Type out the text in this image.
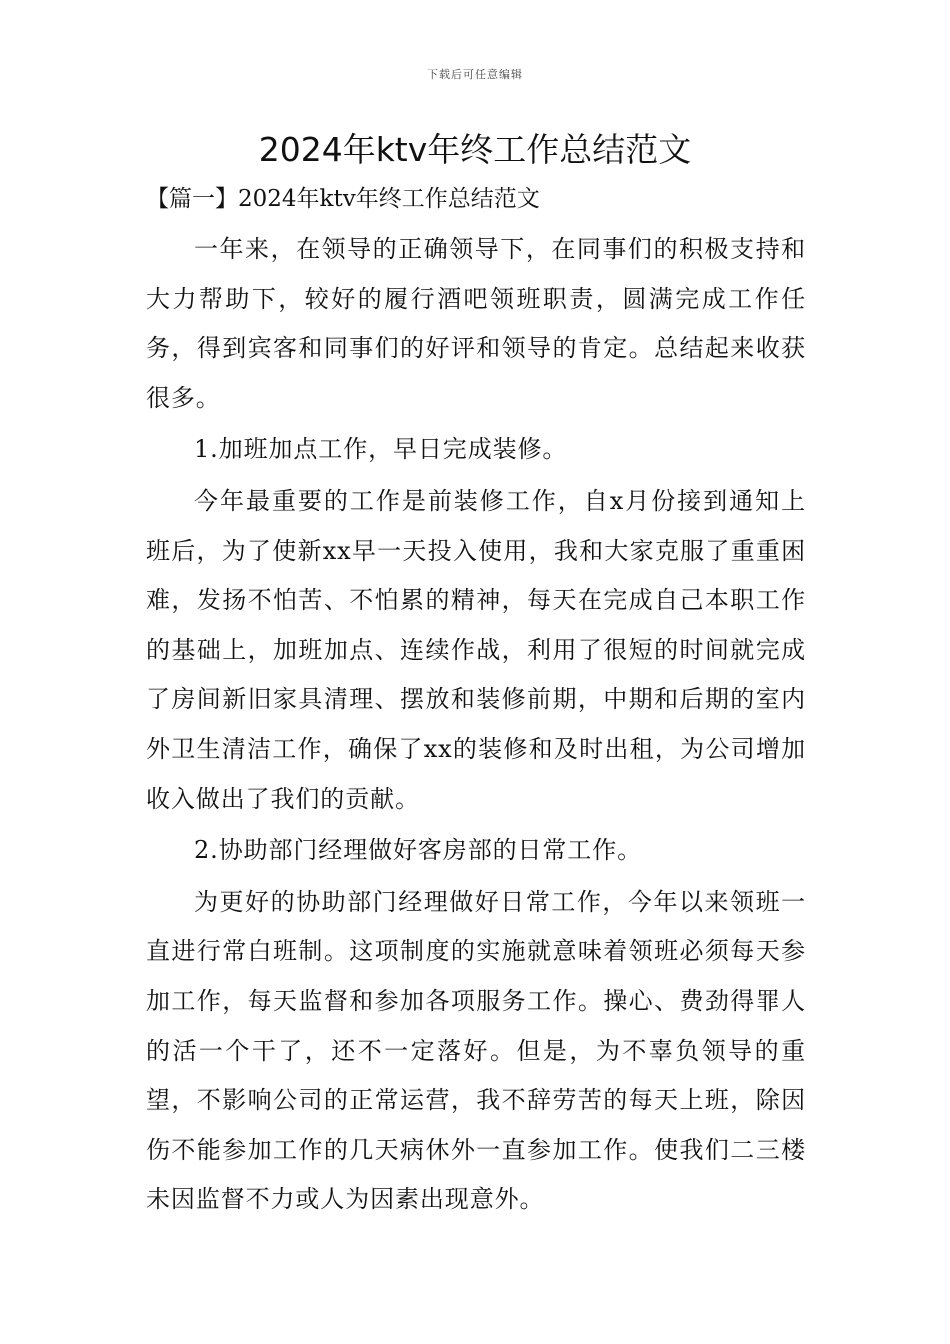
下载后可任意编辑
2024年ktv年终工作总结范文
【篇一】2024年ktv年终工作总结范文

一年来，在领导的正确领导下，在同事们的积极支持和大力帮助下，较好的履行酒吧领班职责，圆满完成工作任务，得到宾客和同事们的好评和领导的肯定。总结起来收获很多。

1.加班加点工作，早日完成装修。

今年最重要的工作是前装修工作，自x月份接到通知上班后，为了使新xx早一天投入使用，我和大家克服了重重困难，发扬不怕苦、不怕累的精神，每天在完成自己本职工作的基础上，加班加点、连续作战，利用了很短的时间就完成了房间新旧家具清理、摆放和装修前期，中期和后期的室内外卫生清洁工作，确保了xx的装修和及时出租，为公司增加收入做出了我们的贡献。

2.协助部门经理做好客房部的日常工作。

为更好的协助部门经理做好日常工作，今年以来领班一直进行常白班制。这项制度的实施就意味着领班必须每天参加工作，每天监督和参加各项服务工作。操心、费劲得罪人的活一个干了，还不一定落好。但是，为不辜负领导的重望，不影响公司的正常运营，我不辞劳苦的每天上班，除因伤不能参加工作的几天病休外一直参加工作。使我们二三楼未因监督不力或人为因素出现意外。
